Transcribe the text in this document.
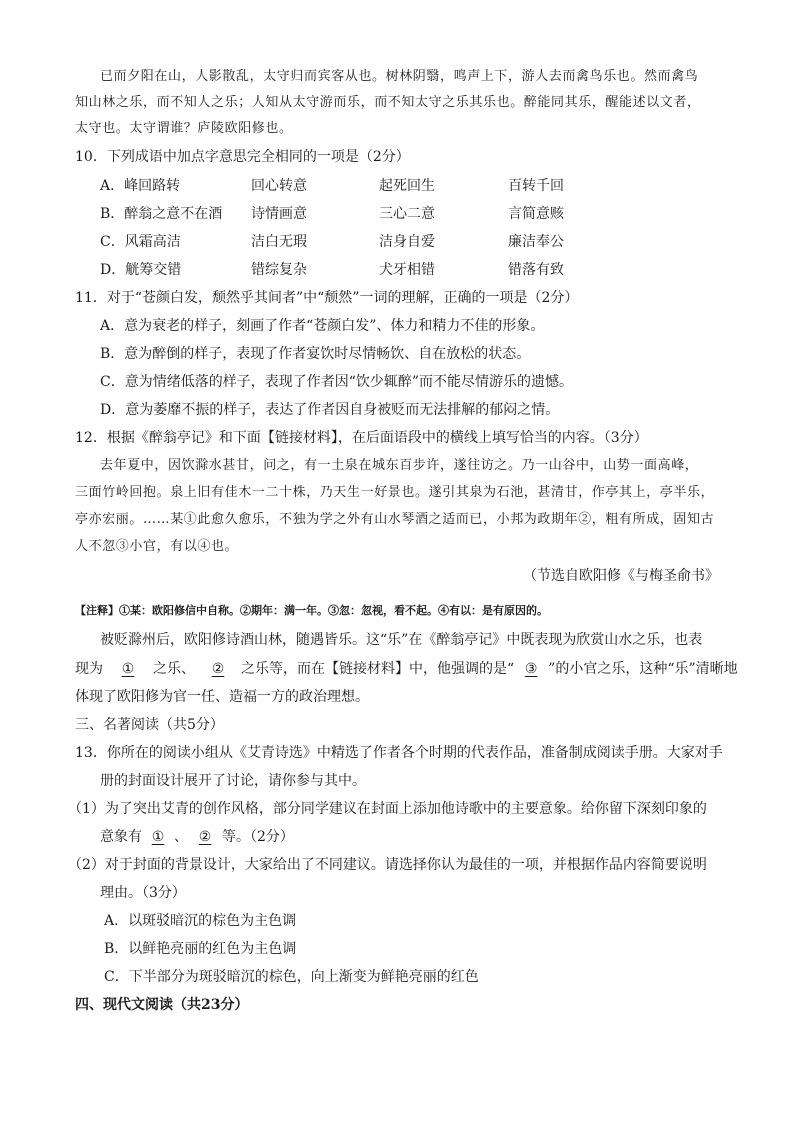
已而夕阳在山，人影散乱，太守归而宾客从也。树林阴翳，鸣声上下，游人去而禽鸟乐也。然而禽鸟
知山林之乐，而不知人之乐；人知从太守游而乐，而不知太守之乐其乐也。醉能同其乐，醒能述以文者，
太守也。太守谓谁？庐陵欧阳修也。
10．下列成语中加点字意思完全相同的一项是（2分）
A．峰回路转	回心转意	起死回生	百转千回
B．醉翁之意不在酒 诗情画意	三心二意	言简意赅
C．风霜高洁	洁白无瑕	洁身自爱	廉洁奉公
D．觥筹交错	错综复杂	犬牙相错	错落有致
11．对于“苍颜白发，颓然乎其间者”中“颓然”一词的理解，正确的一项是（2分）
A．意为衰老的样子，刻画了作者“苍颜白发”、体力和精力不佳的形象。
B．意为醉倒的样子，表现了作者宴饮时尽情畅饮、自在放松的状态。
C．意为情绪低落的样子，表现了作者因“饮少辄醉”而不能尽情游乐的遗憾。
D．意为萎靡不振的样子，表达了作者因自身被贬而无法排解的郁闷之情。
12．根据《醉翁亭记》和下面【链接材料】，在后面语段中的横线上填写恰当的内容。（3分）
去年夏中，因饮滁水甚甘，问之，有一土泉在城东百步许，遂往访之。乃一山谷中，山势一面高峰，
三面竹岭回抱。泉上旧有佳木一二十株，乃天生一好景也。遂引其泉为石池，甚清甘，作亭其上，亭半乐，
亭亦宏丽。……某①此愈久愈乐，不独为学之外有山水琴酒之适而已，小邦为政期年②，粗有所成，固知古
人不忽③小官，有以④也。
（节选自欧阳修《与梅圣俞书》
【注释】①某：欧阳修信中自称。②期年：满一年。③忽：忽视，看不起。④有以：是有原因的。
被贬滁州后，欧阳修诗酒山林，随遇皆乐。这“乐”在《醉翁亭记》中既表现为欣赏山水之乐，也表
现为 ① 之乐、 ② 之乐等，而在【链接材料】中，他强调的是“ ③ ”的小官之乐，这种“乐”清晰地
体现了欧阳修为官一任、造福一方的政治理想。
三、名著阅读（共5分）
13．你所在的阅读小组从《艾青诗选》中精选了作者各个时期的代表作品，准备制成阅读手册。大家对手
册的封面设计展开了讨论，请你参与其中。
（1）为了突出艾青的创作风格，部分同学建议在封面上添加他诗歌中的主要意象。给你留下深刻印象的
意象有 ① 、 ② 等。（2分）
（2）对于封面的背景设计，大家给出了不同建议。请选择你认为最佳的一项，并根据作品内容简要说明
理由。（3分）
A．以斑驳暗沉的棕色为主色调
B．以鲜艳亮丽的红色为主色调
C．下半部分为斑驳暗沉的棕色，向上渐变为鲜艳亮丽的红色
四、现代文阅读（共23分）
